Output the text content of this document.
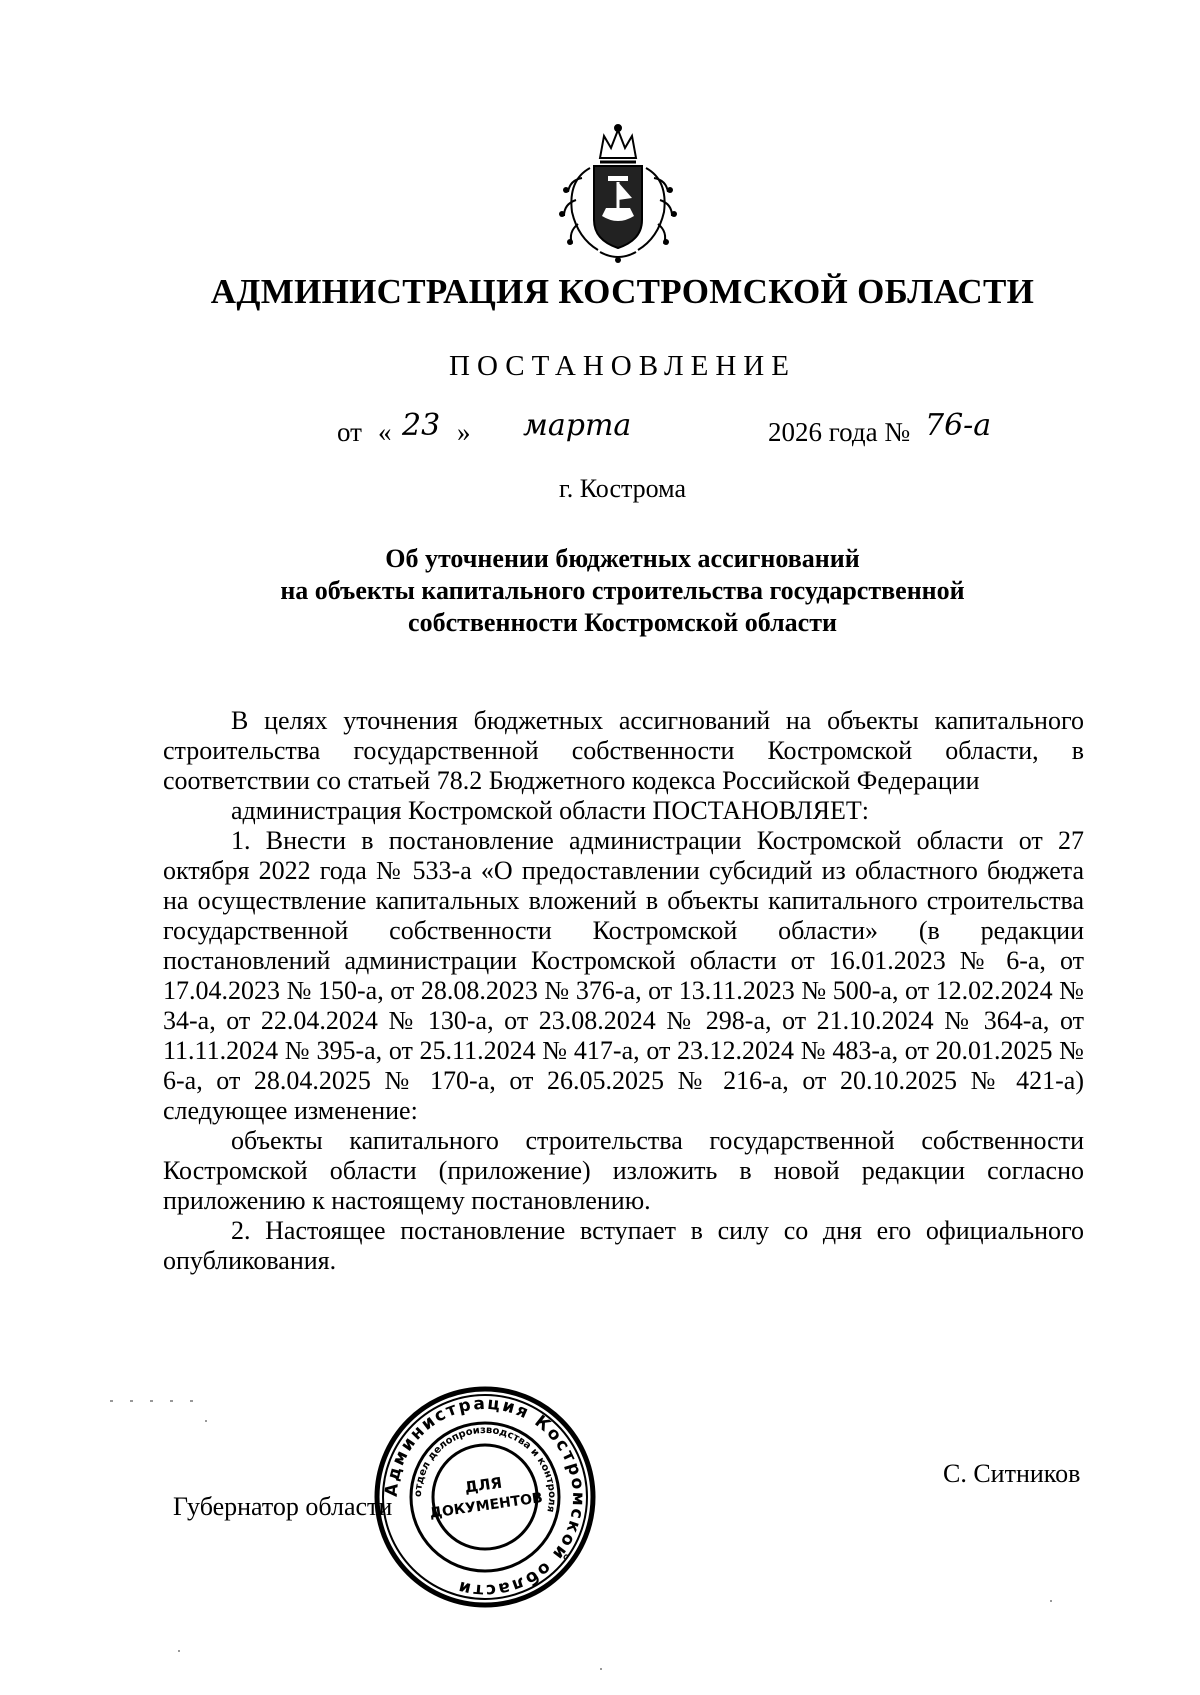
АДМИНИСТРАЦИЯ КОСТРОМСКОЙ ОБЛАСТИ
ПОСТАНОВЛЕНИЕ
от « 23 » марта	2026 года № 76-а
г. Кострома
Об уточнении бюджетных ассигнований
на объекты капитального строительства государственной
собственности Костромской области

В целях уточнения бюджетных ассигнований на объекты капитального строительства государственной собственности Костромской области, в соответствии со статьей 78.2 Бюджетного кодекса Российской Федерации

администрация Костромской области ПОСТАНОВЛЯЕТ:

1. Внести в постановление администрации Костромской области от 27 октября 2022 года № 533-а «О предоставлении субсидий из областного бюджета на осуществление капитальных вложений в объекты капитального строительства государственной собственности Костромской области» (в редакции постановлений администрации Костромской области от 16.01.2023 № 6-а, от 17.04.2023 № 150-а, от 28.08.2023 № 376-а, от 13.11.2023 № 500-а, от 12.02.2024 № 34-а, от 22.04.2024 № 130-а, от 23.08.2024 № 298-а, от 21.10.2024 № 364-а, от 11.11.2024 № 395-а, от 25.11.2024 № 417-а, от 23.12.2024 № 483-а, от 20.01.2025 № 6-а, от 28.04.2025 № 170-а, от 26.05.2025 № 216-а, от 20.10.2025 № 421-а) следующее изменение:

объекты капитального строительства государственной собственности Костромской области (приложение) изложить в новой редакции согласно приложению к настоящему постановлению.

2. Настоящее постановление вступает в силу со дня его официального опубликования.

Губернатор области
С. Ситников
Администрация Костромской области
отдел делопроизводства и контроля
ДЛЯ
ДОКУМЕНТОВ
